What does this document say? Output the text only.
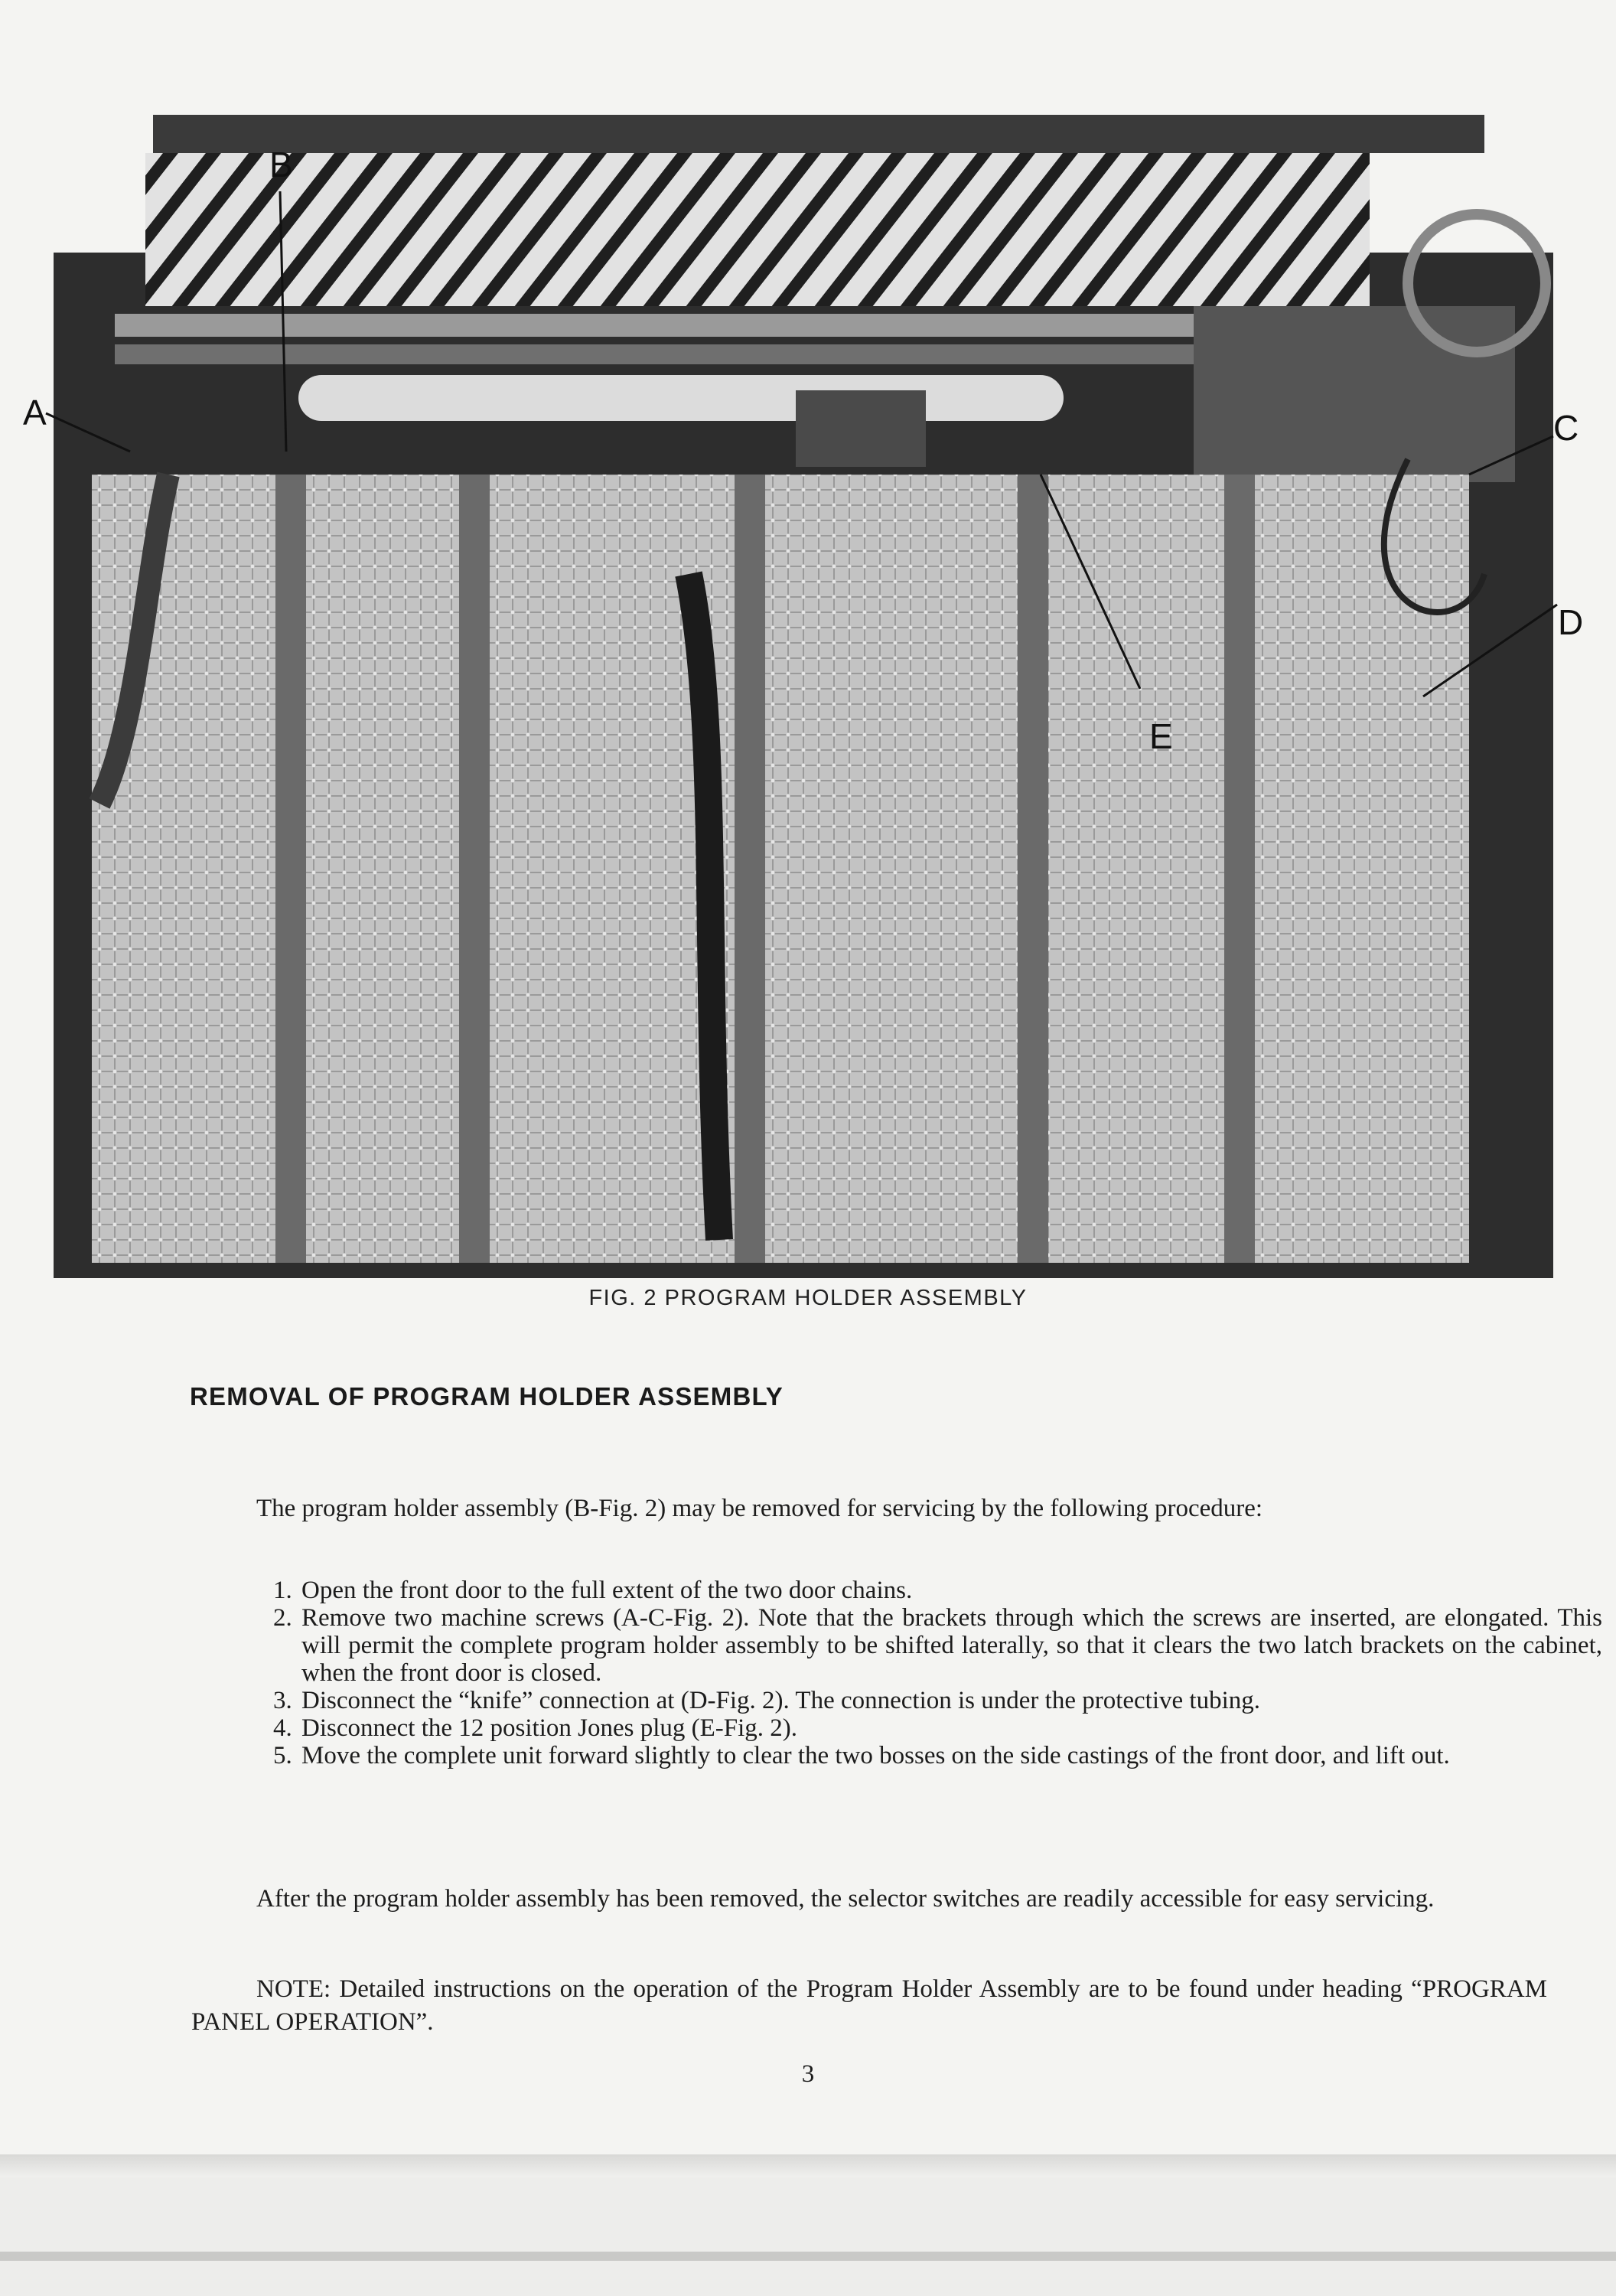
B
A	C
D
E
FIG. 2 PROGRAM HOLDER ASSEMBLY
REMOVAL OF PROGRAM HOLDER ASSEMBLY
The program holder assembly (B-Fig. 2) may be removed for servicing by the following procedure:
1. Open the front door to the full extent of the two door chains.
2. Remove two machine screws (A-C-Fig. 2). Note that the brackets through which the screws are inserted, are elongated. This will permit the complete program holder assembly to be shifted laterally, so that it clears the two latch brackets on the cabinet, when the front door is closed.
3. Disconnect the “knife” connection at (D-Fig. 2). The connection is under the protective tubing.
4. Disconnect the 12 position Jones plug (E-Fig. 2).
5. Move the complete unit forward slightly to clear the two bosses on the side castings of the front door, and lift out.
After the program holder assembly has been removed, the selector switches are readily accessible for easy servicing.
NOTE: Detailed instructions on the operation of the Program Holder Assembly are to be found under heading “PROGRAM PANEL OPERATION”.
3
